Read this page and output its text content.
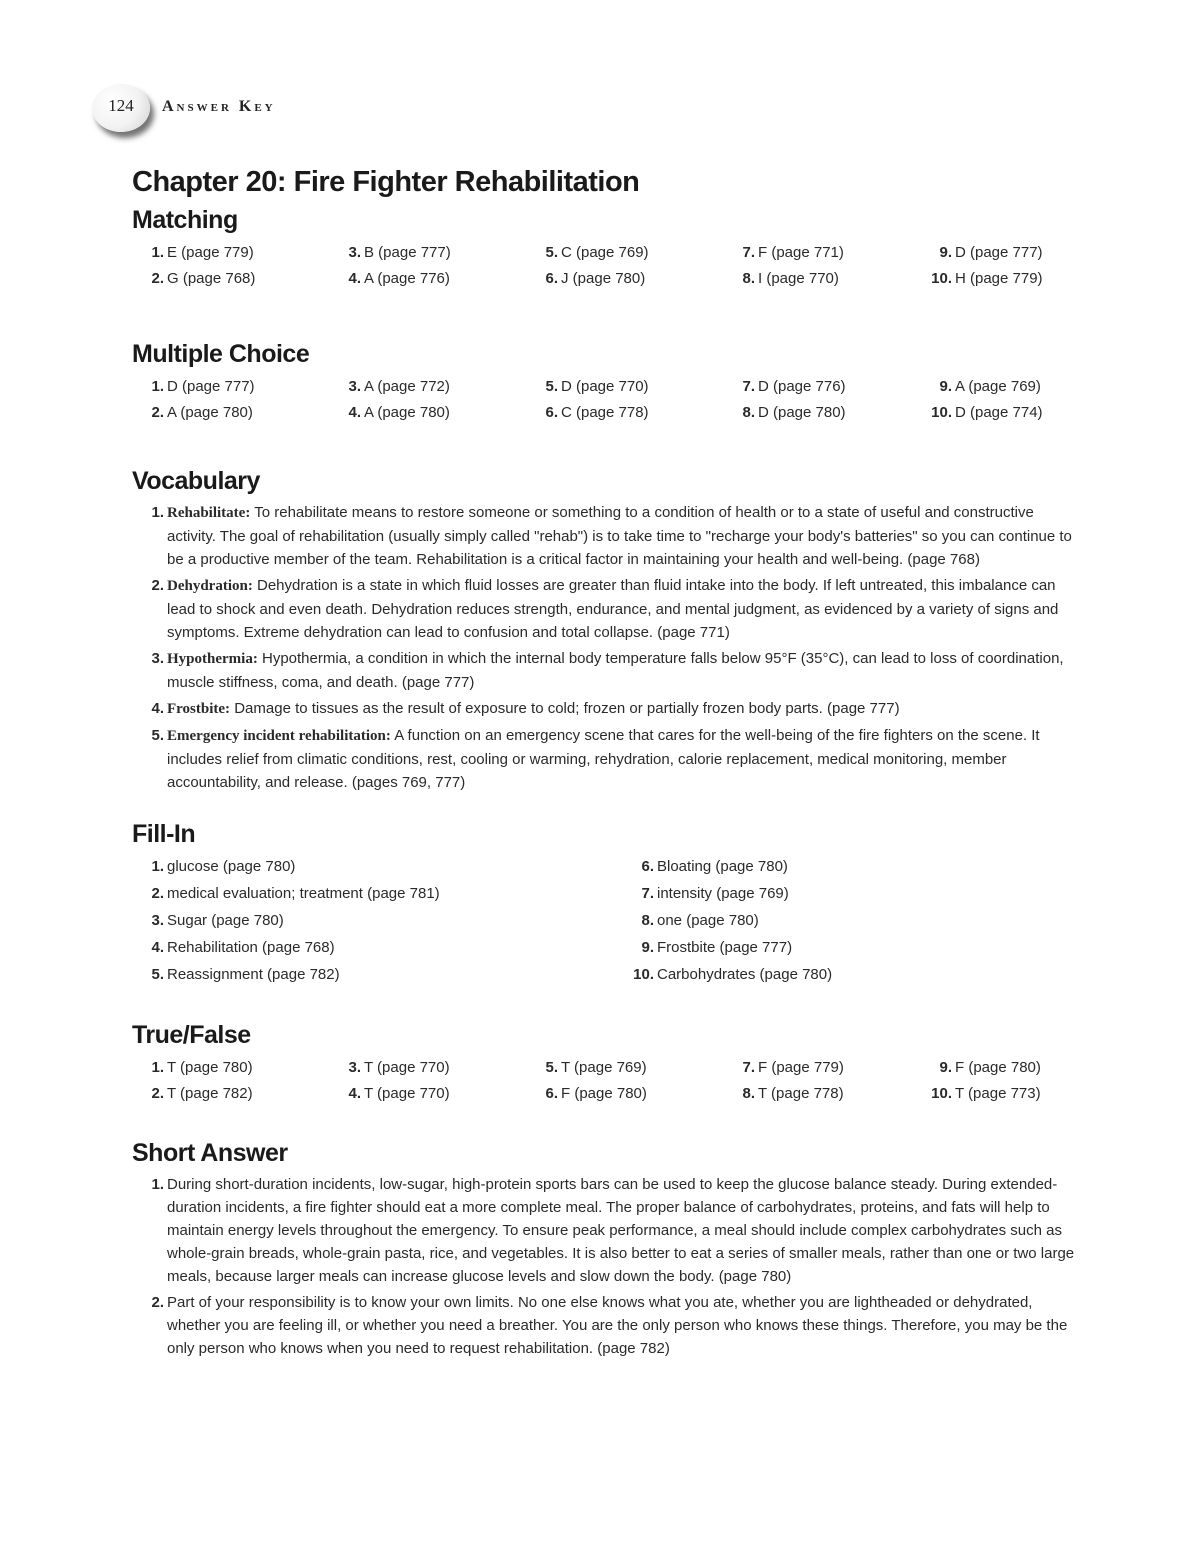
124	Answer Key
Chapter 20: Fire Fighter Rehabilitation
Matching
1. E (page 779)
2. G (page 768)
3. B (page 777)
4. A (page 776)
5. C (page 769)
6. J (page 780)
7. F (page 771)
8. I (page 770)
9. D (page 777)
10. H (page 779)
Multiple Choice
1. D (page 777)
2. A (page 780)
3. A (page 772)
4. A (page 780)
5. D (page 770)
6. C (page 778)
7. D (page 776)
8. D (page 780)
9. A (page 769)
10. D (page 774)
Vocabulary
1. Rehabilitate: To rehabilitate means to restore someone or something to a condition of health or to a state of useful and constructive activity. The goal of rehabilitation (usually simply called "rehab") is to take time to "recharge your body's batteries" so you can continue to be a productive member of the team. Rehabilitation is a critical factor in maintaining your health and well-being. (page 768)
2. Dehydration: Dehydration is a state in which fluid losses are greater than fluid intake into the body. If left untreated, this imbalance can lead to shock and even death. Dehydration reduces strength, endurance, and mental judgment, as evidenced by a variety of signs and symptoms. Extreme dehydration can lead to confusion and total collapse. (page 771)
3. Hypothermia: Hypothermia, a condition in which the internal body temperature falls below 95°F (35°C), can lead to loss of coordination, muscle stiffness, coma, and death. (page 777)
4. Frostbite: Damage to tissues as the result of exposure to cold; frozen or partially frozen body parts. (page 777)
5. Emergency incident rehabilitation: A function on an emergency scene that cares for the well-being of the fire fighters on the scene. It includes relief from climatic conditions, rest, cooling or warming, rehydration, calorie replacement, medical monitoring, member accountability, and release. (pages 769, 777)
Fill-In
1. glucose (page 780)
2. medical evaluation; treatment (page 781)
3. Sugar (page 780)
4. Rehabilitation (page 768)
5. Reassignment (page 782)
6. Bloating (page 780)
7. intensity (page 769)
8. one (page 780)
9. Frostbite (page 777)
10. Carbohydrates (page 780)
True/False
1. T (page 780)
2. T (page 782)
3. T (page 770)
4. T (page 770)
5. T (page 769)
6. F (page 780)
7. F (page 779)
8. T (page 778)
9. F (page 780)
10. T (page 773)
Short Answer
1. During short-duration incidents, low-sugar, high-protein sports bars can be used to keep the glucose balance steady. During extended-duration incidents, a fire fighter should eat a more complete meal. The proper balance of carbohydrates, proteins, and fats will help to maintain energy levels throughout the emergency. To ensure peak performance, a meal should include complex carbohydrates such as whole-grain breads, whole-grain pasta, rice, and vegetables. It is also better to eat a series of smaller meals, rather than one or two large meals, because larger meals can increase glucose levels and slow down the body. (page 780)
2. Part of your responsibility is to know your own limits. No one else knows what you ate, whether you are lightheaded or dehydrated, whether you are feeling ill, or whether you need a breather. You are the only person who knows these things. Therefore, you may be the only person who knows when you need to request rehabilitation. (page 782)
